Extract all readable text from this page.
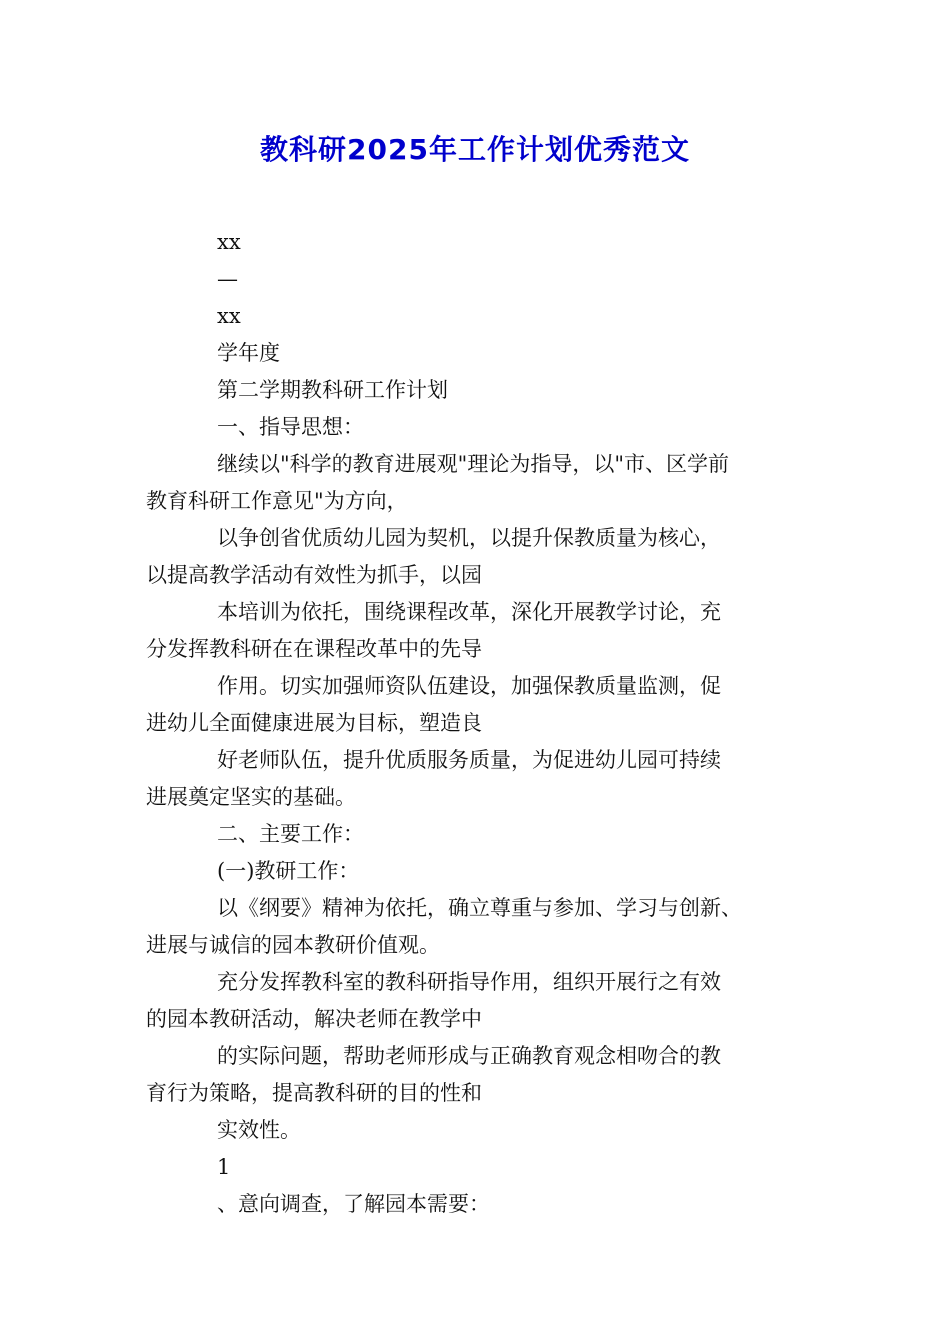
教科研2025年工作计划优秀范文
xx
—
xx
学年度
第二学期教科研工作计划
一、指导思想：
继续以"科学的教育进展观"理论为指导，以"市、区学前
教育科研工作意见"为方向，
以争创省优质幼儿园为契机，以提升保教质量为核心，
以提高教学活动有效性为抓手，以园
本培训为依托，围绕课程改革，深化开展教学讨论，充
分发挥教科研在在课程改革中的先导
作用。切实加强师资队伍建设，加强保教质量监测，促
进幼儿全面健康进展为目标，塑造良
好老师队伍，提升优质服务质量，为促进幼儿园可持续
进展奠定坚实的基础。
二、主要工作：
(一)教研工作：
以《纲要》精神为依托，确立尊重与参加、学习与创新、
进展与诚信的园本教研价值观。
充分发挥教科室的教科研指导作用，组织开展行之有效
的园本教研活动，解决老师在教学中
的实际问题，帮助老师形成与正确教育观念相吻合的教
育行为策略，提高教科研的目的性和
实效性。
1
、意向调查，了解园本需要：
